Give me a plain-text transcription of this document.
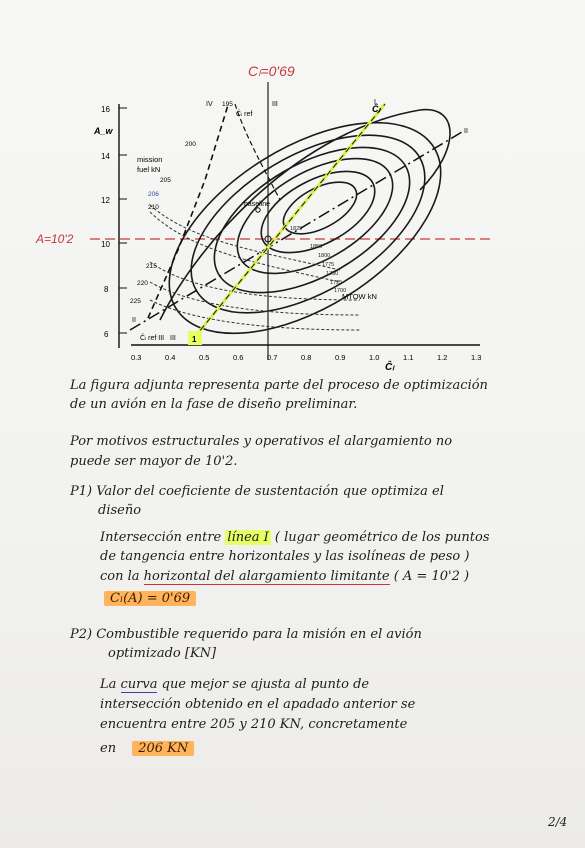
Cₗ=0'69
16
14
12
10
8
6
A_w
0.3	0.4	0.5	0.6	0.7	0.8	0.9	1.0	1.1	1.2	1.3
Ĉₗ
A=10'2
1
mission
fuel kN
205
206
210
215
220
225
200
195
IV	III
II
I
II
III
Ĉₗ ref
Ĉₗ ref III
Ĉₗ
baseline
MTOW kN
1825
1850
1800
1775
1750
1725
1700
La figura adjunta representa parte del proceso de optimización
de un avión en la fase de diseño preliminar.
Por motivos estructurales y operativos el alargamiento no
puede ser mayor de 10'2.
P1) Valor del coeficiente de sustentación que optimiza el
diseño
Intersección entre línea I ( lugar geométrico de los puntos
de tangencia entre horizontales y las isolíneas de peso )
con la horizontal del alargamiento limitante ( A = 10'2 )
Cₗ(A) = 0'69
P2) Combustible requerido para la misión en el avión
optimizado [KN]
La curva que mejor se ajusta al punto de
intersección obtenido en el apadado anterior se
encuentra entre 205 y 210 KN, concretamente
en 206 KN
2/4
